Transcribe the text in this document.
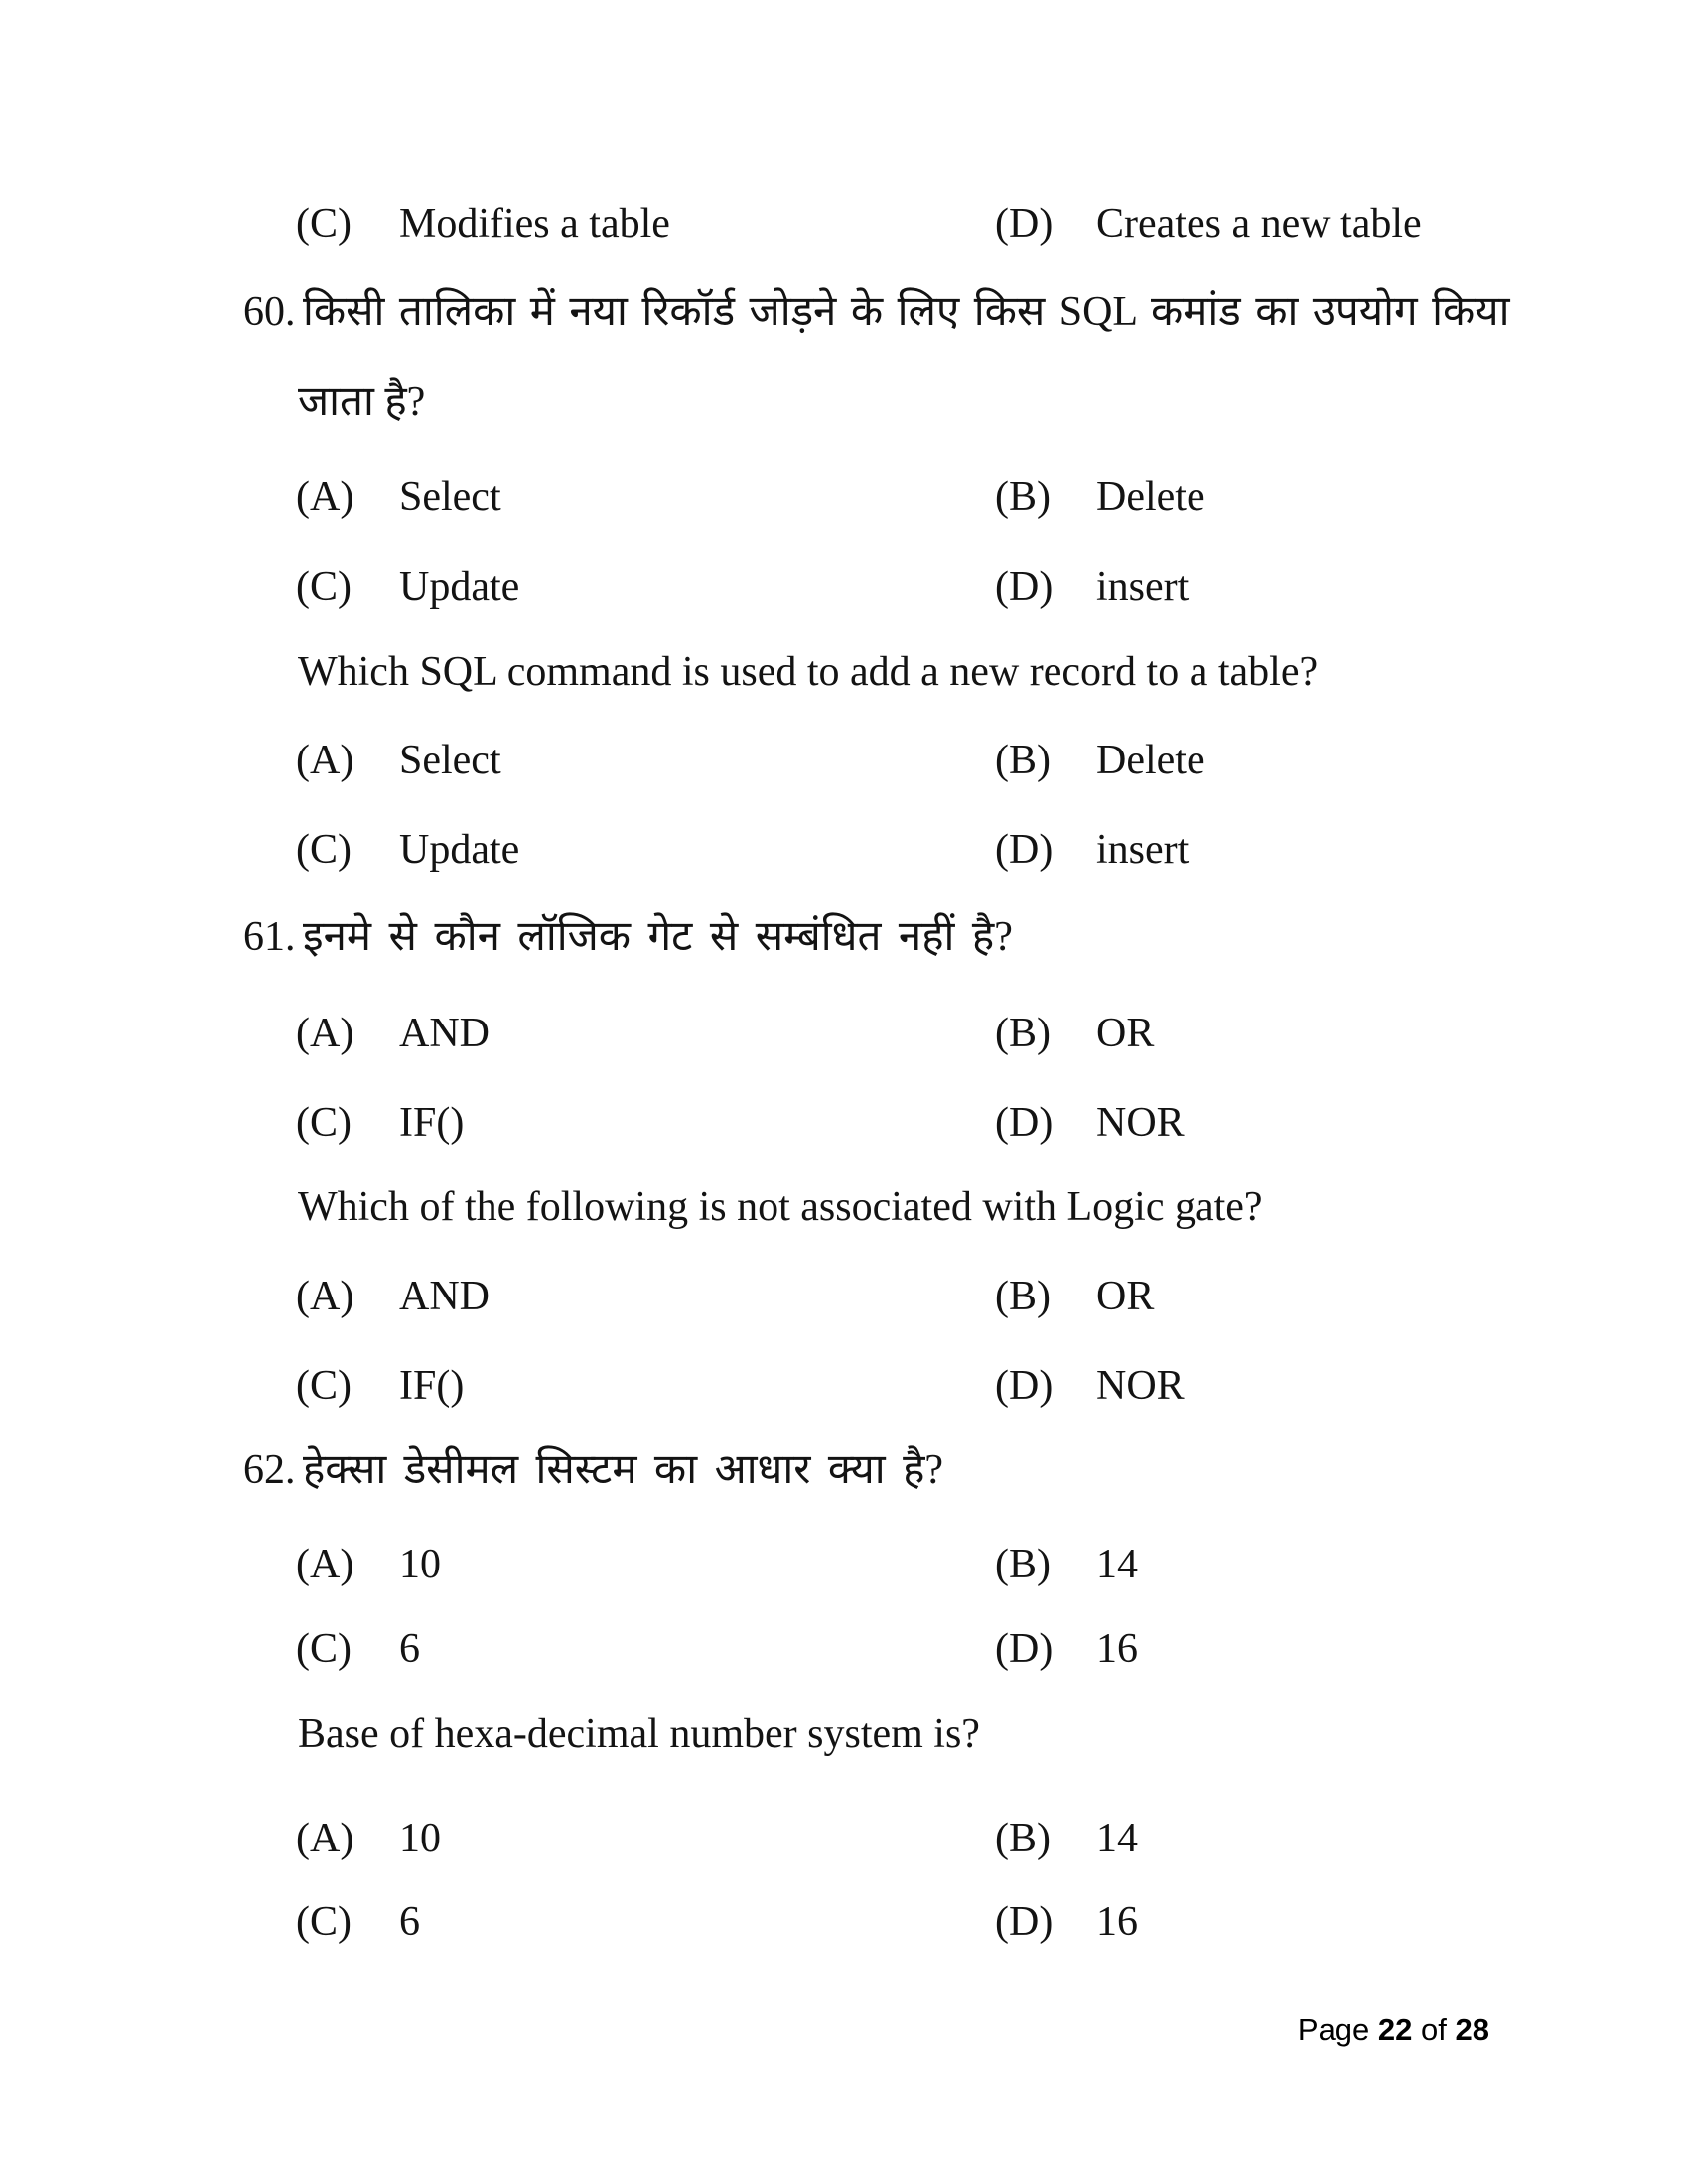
(C) Modifies a table	(D) Creates a new table
60. किसी तालिका में नया रिकॉर्ड जोड़ने के लिए किस SQL कमांड का उपयोग किया
जाता है?
(A) Select	(B) Delete
(C) Update	(D) insert
Which SQL command is used to add a new record to a table?
(A) Select	(B) Delete
(C) Update	(D) insert
61. इनमे से कौन लॉजिक गेट से सम्बंधित नहीं है?
(A) AND	(B) OR
(C) IF()	(D) NOR
Which of the following is not associated with Logic gate?
(A) AND	(B) OR
(C) IF()	(D) NOR
62. हेक्सा डेसीमल सिस्टम का आधार क्या है?
(A) 10	(B) 14
(C) 6	(D) 16
Base of hexa-decimal number system is?
(A) 10	(B) 14
(C) 6	(D) 16
Page 22 of 28
